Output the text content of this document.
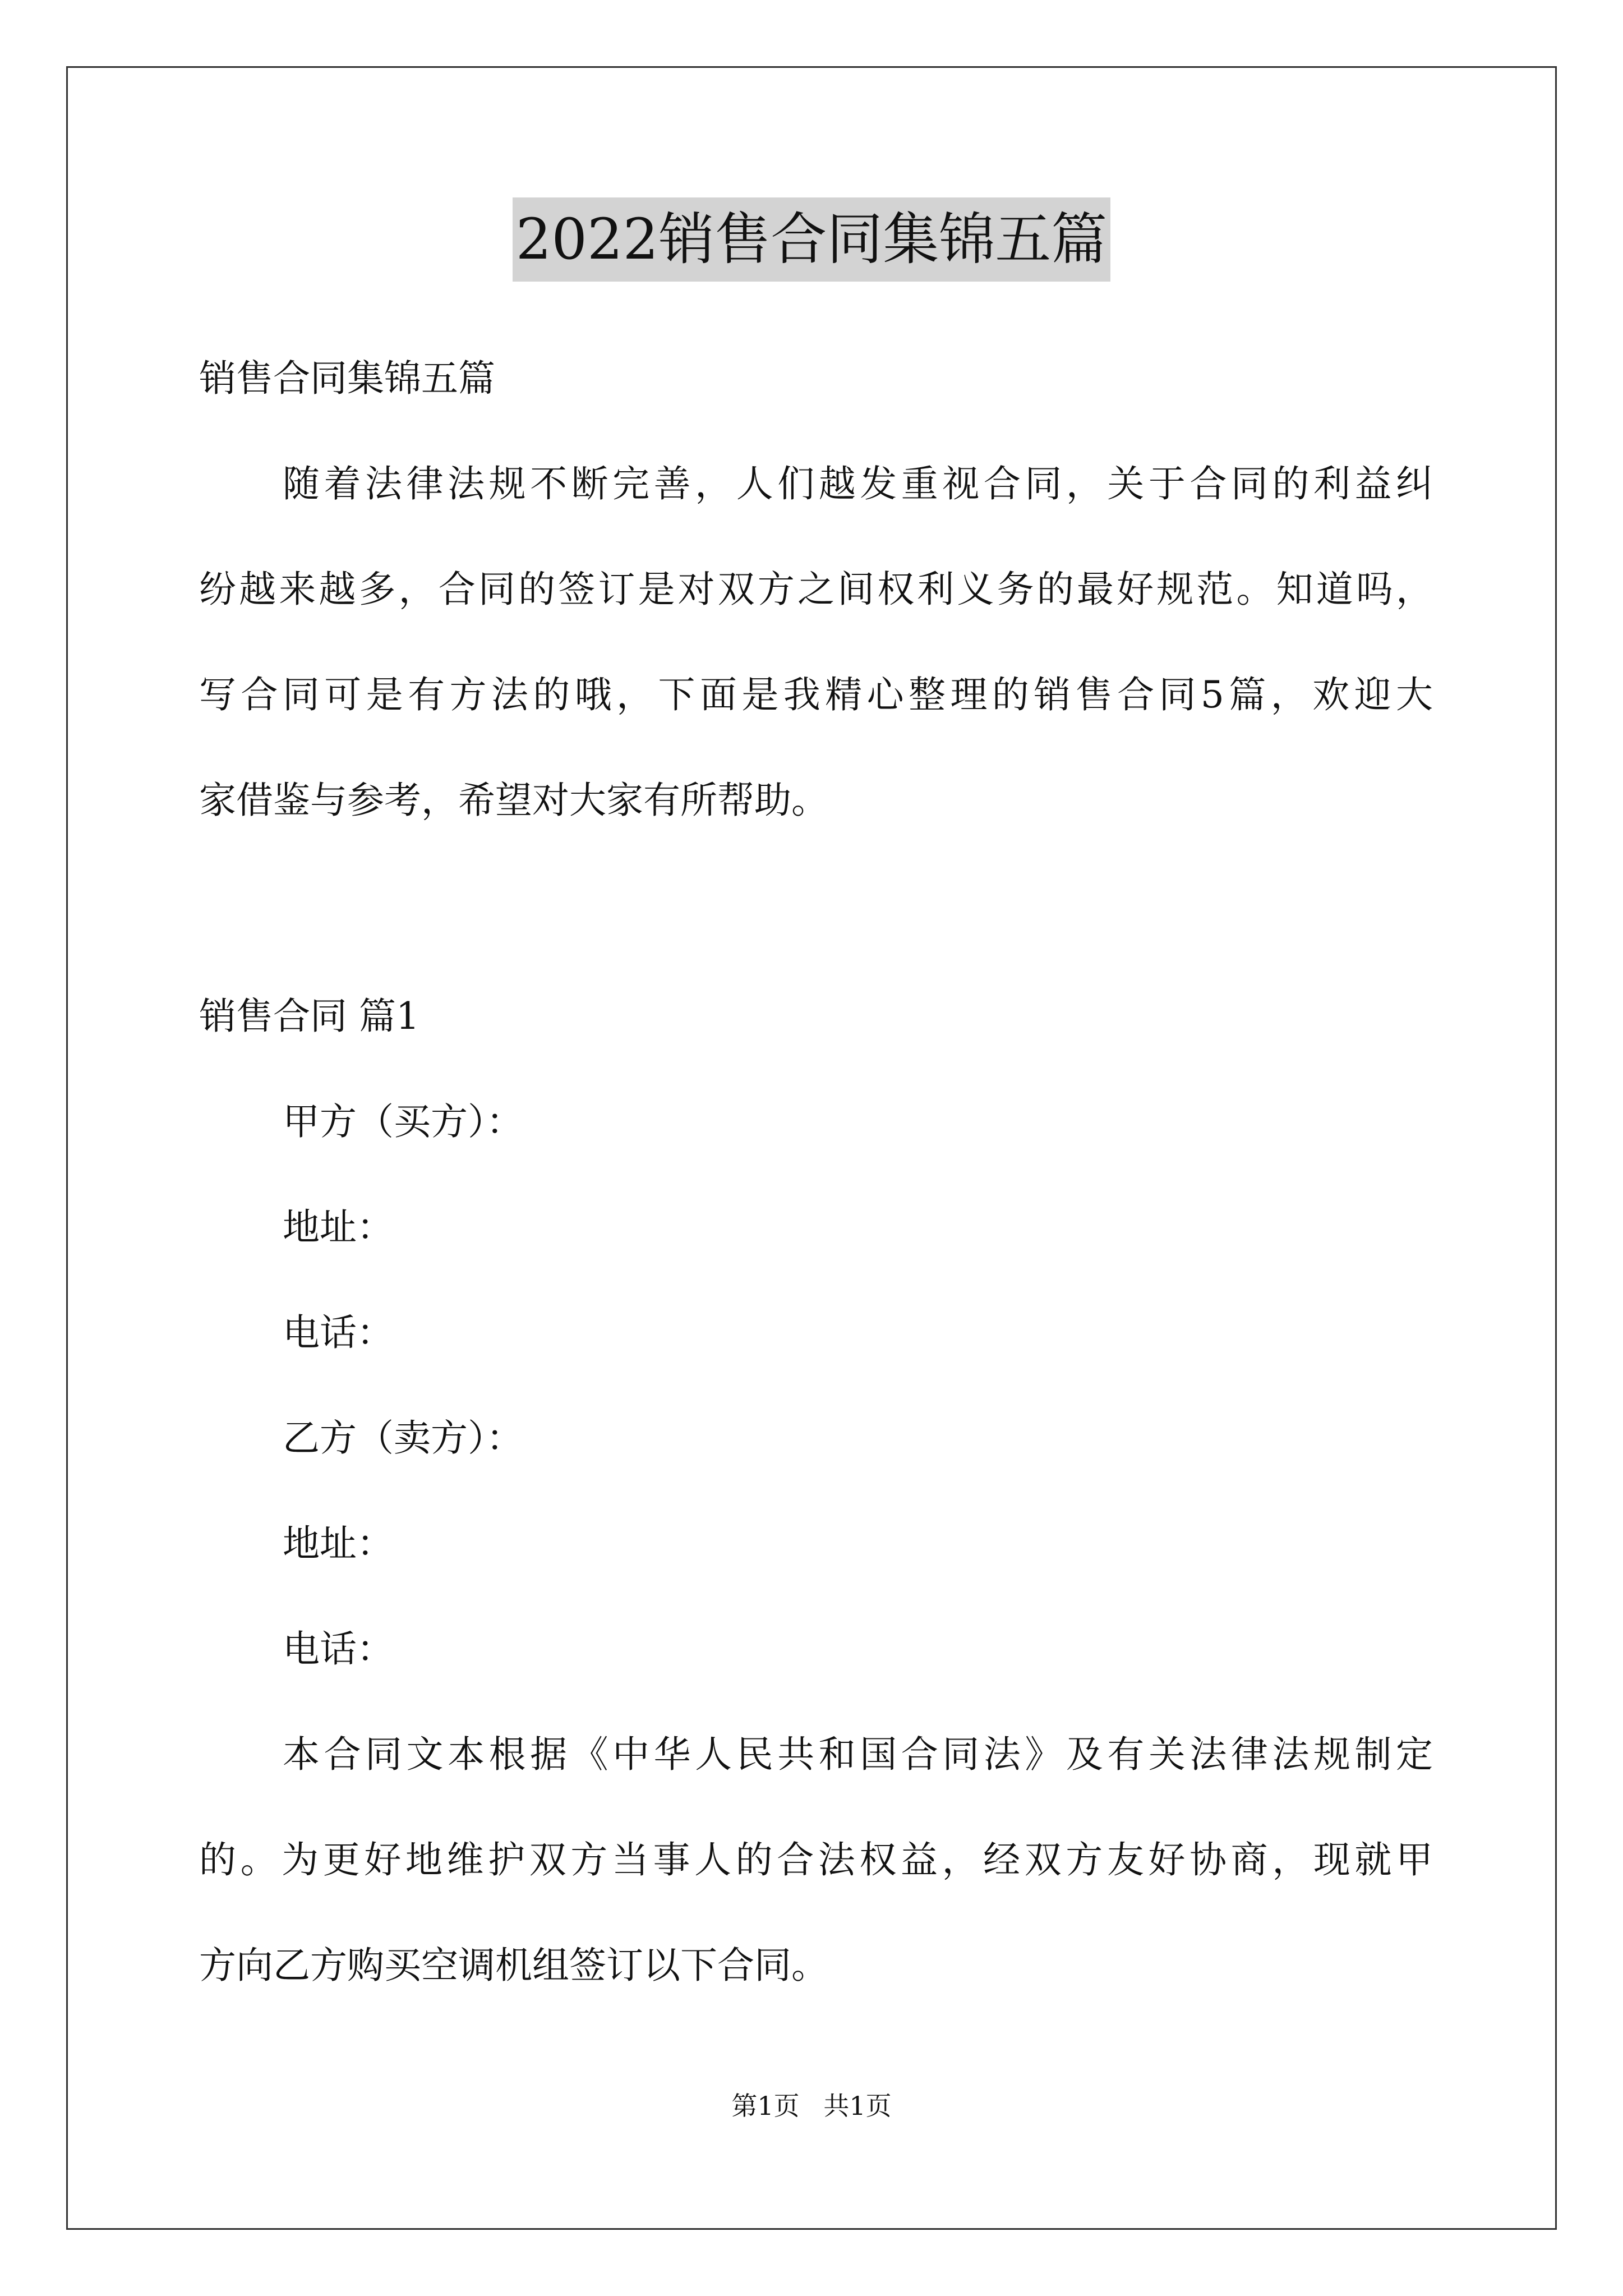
2022销售合同集锦五篇
销售合同集锦五篇
随着法律法规不断完善，人们越发重视合同，关于合同的利益纠
纷越来越多，合同的签订是对双方之间权利义务的最好规范。知道吗，
写合同可是有方法的哦，下面是我精心整理的销售合同5篇，欢迎大
家借鉴与参考，希望对大家有所帮助。
销售合同 篇1
甲方（买方）：
地址：
电话：
乙方（卖方）：
地址：
电话：
本合同文本根据《中华人民共和国合同法》及有关法律法规制定
的。为更好地维护双方当事人的合法权益，经双方友好协商，现就甲
方向乙方购买空调机组签订以下合同。
第1页 共1页
